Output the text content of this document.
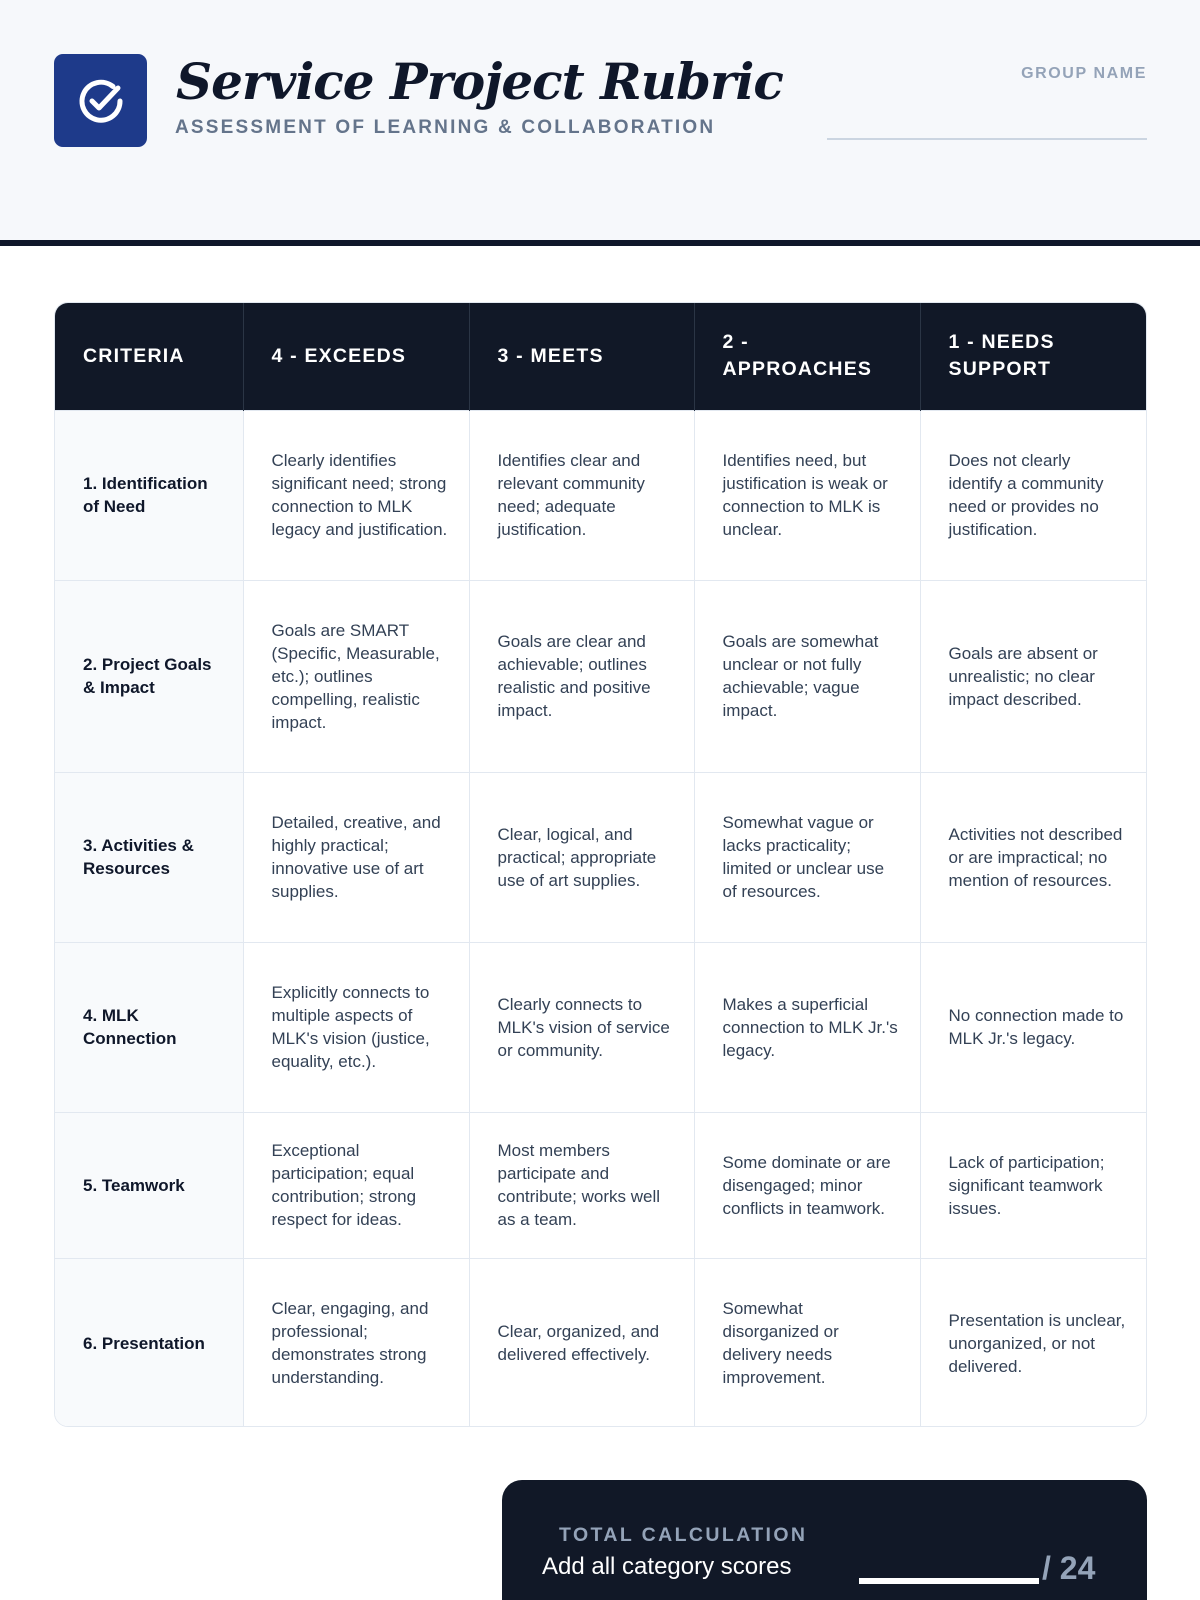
Service Project Rubric
ASSESSMENT OF LEARNING & COLLABORATION
GROUP NAME
CRITERIA	4 - EXCEEDS	3 - MEETS	2 - APPROACHES	1 - NEEDS SUPPORT
1. Identification of Need	Clearly identifies significant need; strong connection to MLK legacy and justification.	Identifies clear and relevant community need; adequate justification.	Identifies need, but justification is weak or connection to MLK is unclear.	Does not clearly identify a community need or provides no justification.
2. Project Goals & Impact	Goals are SMART (Specific, Measurable, etc.); outlines compelling, realistic impact.	Goals are clear and achievable; outlines realistic and positive impact.	Goals are somewhat unclear or not fully achievable; vague impact.	Goals are absent or unrealistic; no clear impact described.
3. Activities & Resources	Detailed, creative, and highly practical; innovative use of art supplies.	Clear, logical, and practical; appropriate use of art supplies.	Somewhat vague or lacks practicality; limited or unclear use of resources.	Activities not described or are impractical; no mention of resources.
4. MLK Connection	Explicitly connects to multiple aspects of MLK's vision (justice, equality, etc.).	Clearly connects to MLK's vision of service or community.	Makes a superficial connection to MLK Jr.'s legacy.	No connection made to MLK Jr.'s legacy.
5. Teamwork	Exceptional participation; equal contribution; strong respect for ideas.	Most members participate and contribute; works well as a team.	Some dominate or are disengaged; minor conflicts in teamwork.	Lack of participation; significant teamwork issues.
6. Presentation	Clear, engaging, and professional; demonstrates strong understanding.	Clear, organized, and delivered effectively.	Somewhat disorganized or delivery needs improvement.	Presentation is unclear, unorganized, or not delivered.
TOTAL CALCULATION
Add all category scores	/ 24
